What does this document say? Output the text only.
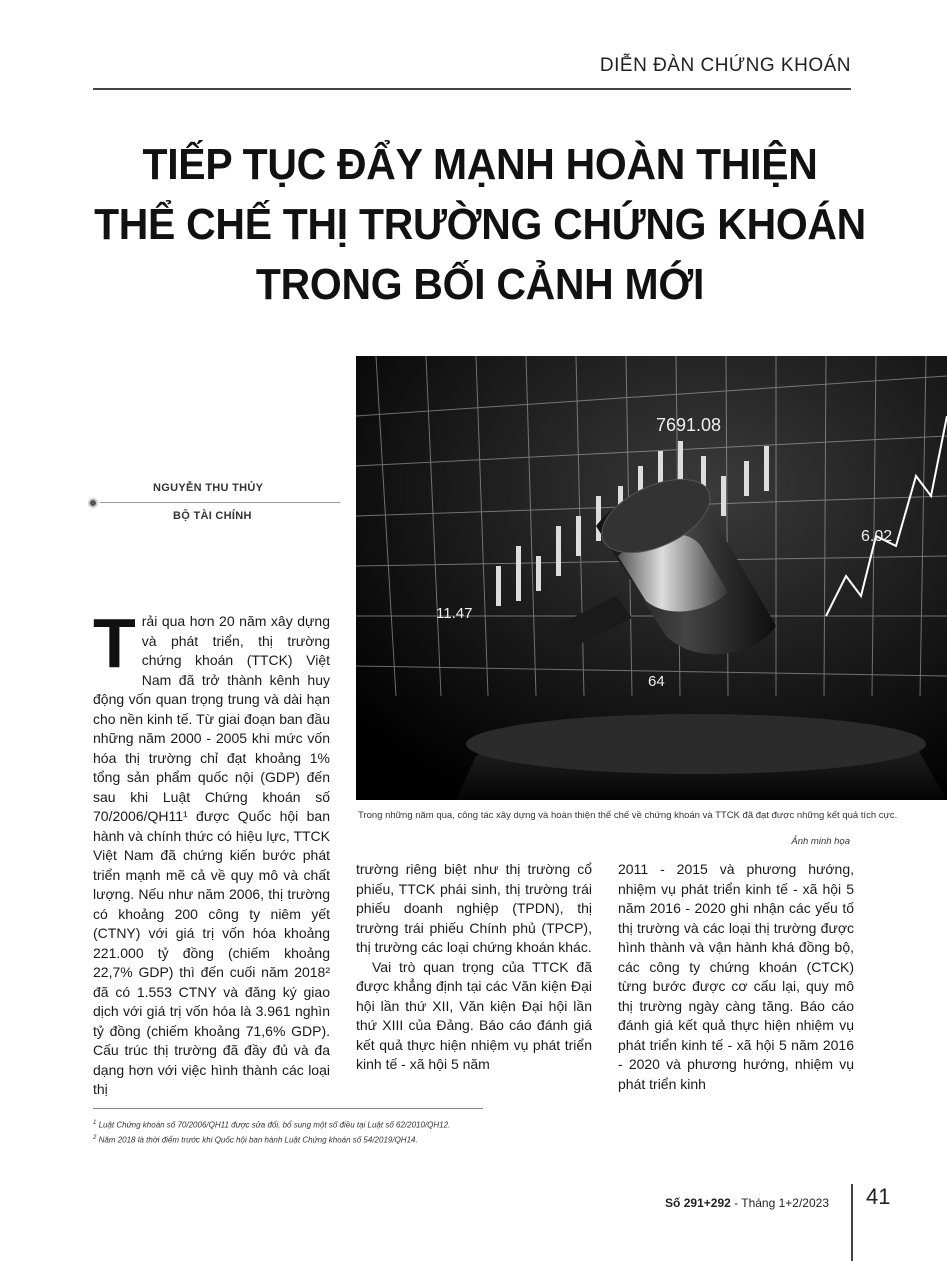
DIỄN ĐÀN CHỨNG KHOÁN
TIẾP TỤC ĐẨY MẠNH HOÀN THIỆN
THỂ CHẾ THỊ TRƯỜNG CHỨNG KHOÁN
TRONG BỐI CẢNH MỚI
7691.08
11.47
6.02
64
NGUYỄN THU THỦY
BỘ TÀI CHÍNH
Trong những năm qua, công tác xây dựng và hoàn thiện thể chế về chứng khoán và TTCK đã đạt được những kết quả tích cực.
Ảnh minh họa
T rải qua hơn 20 năm xây dựng và phát triển, thị trường chứng khoán (TTCK) Việt Nam đã trở thành kênh huy động vốn quan trọng trung và dài hạn cho nền kinh tế. Từ giai đoạn ban đầu những năm 2000 - 2005 khi mức vốn hóa thị trường chỉ đạt khoảng 1% tổng sản phẩm quốc nội (GDP) đến sau khi Luật Chứng khoán số 70/2006/QH11¹ được Quốc hội ban hành và chính thức có hiệu lực, TTCK Việt Nam đã chứng kiến bước phát triển mạnh mẽ cả về quy mô và chất lượng. Nếu như năm 2006, thị trường có khoảng 200 công ty niêm yết (CTNY) với giá trị vốn hóa khoảng 221.000 tỷ đồng (chiếm khoảng 22,7% GDP) thì đến cuối năm 2018² đã có 1.553 CTNY và đăng ký giao dịch với giá trị vốn hóa là 3.961 nghìn tỷ đồng (chiếm khoảng 71,6% GDP). Cấu trúc thị trường đã đầy đủ và đa dạng hơn với việc hình thành các loại thị

trường riêng biệt như thị trường cổ phiếu, TTCK phái sinh, thị trường trái phiếu doanh nghiệp (TPDN), thị trường trái phiếu Chính phủ (TPCP), thị trường các loại chứng khoán khác.

Vai trò quan trọng của TTCK đã được khẳng định tại các Văn kiện Đại hội lần thứ XII, Văn kiện Đại hội lần thứ XIII của Đảng. Báo cáo đánh giá kết quả thực hiện nhiệm vụ phát triển kinh tế - xã hội 5 năm

2011 - 2015 và phương hướng, nhiệm vụ phát triển kinh tế - xã hội 5 năm 2016 - 2020 ghi nhận các yếu tố thị trường và các loại thị trường được hình thành và vận hành khá đồng bộ, các công ty chứng khoán (CTCK) từng bước được cơ cấu lại, quy mô thị trường ngày càng tăng. Báo cáo đánh giá kết quả thực hiện nhiệm vụ phát triển kinh tế - xã hội 5 năm 2016 - 2020 và phương hướng, nhiệm vụ phát triển kinh

$^1$ Luật Chứng khoán số 70/2006/QH11 được sửa đổi, bổ sung một số điều tại Luật số 62/2010/QH12.
$^2$ Năm 2018 là thời điểm trước khi Quốc hội ban hành Luật Chứng khoán số 54/2019/QH14.
Số 291+292 - Tháng 1+2/2023 41
